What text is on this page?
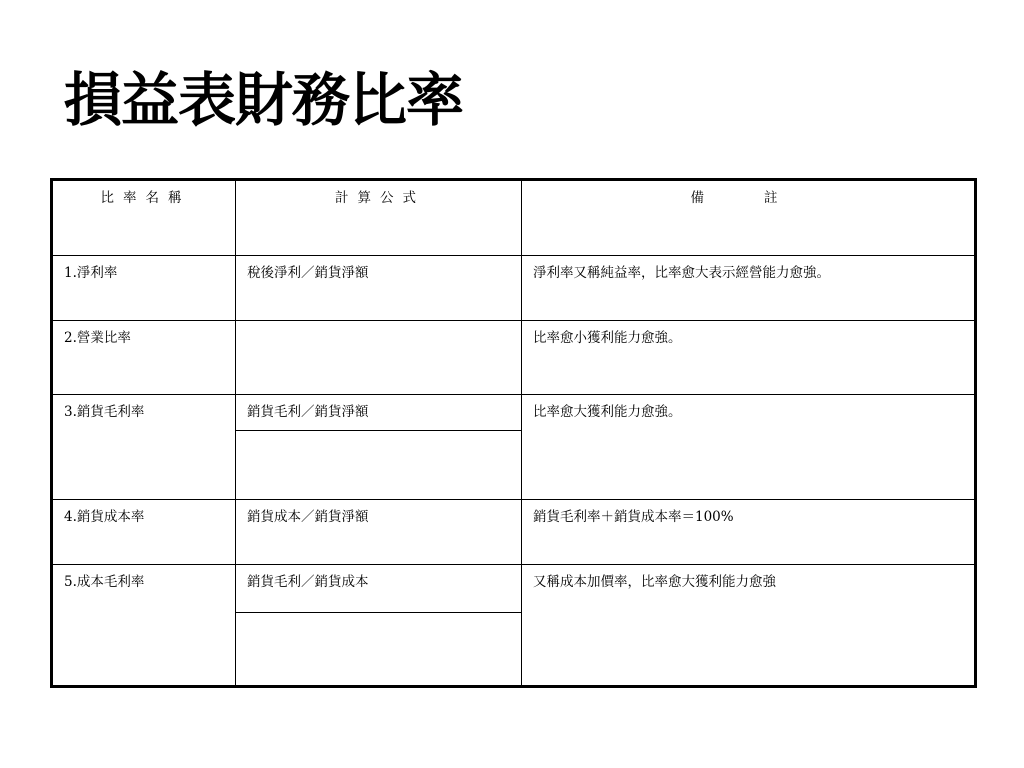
損益表財務比率
比率名稱	計算公式	備註
1.淨利率	稅後淨利／銷貨淨額	淨利率又稱純益率，比率愈大表示經營能力愈強。
2.營業比率		比率愈小獲利能力愈強。
3.銷貨毛利率	銷貨毛利／銷貨淨額	比率愈大獲利能力愈強。

4.銷貨成本率	銷貨成本／銷貨淨額	銷貨毛利率＋銷貨成本率＝100%
5.成本毛利率	銷貨毛利／銷貨成本	又稱成本加價率，比率愈大獲利能力愈強
